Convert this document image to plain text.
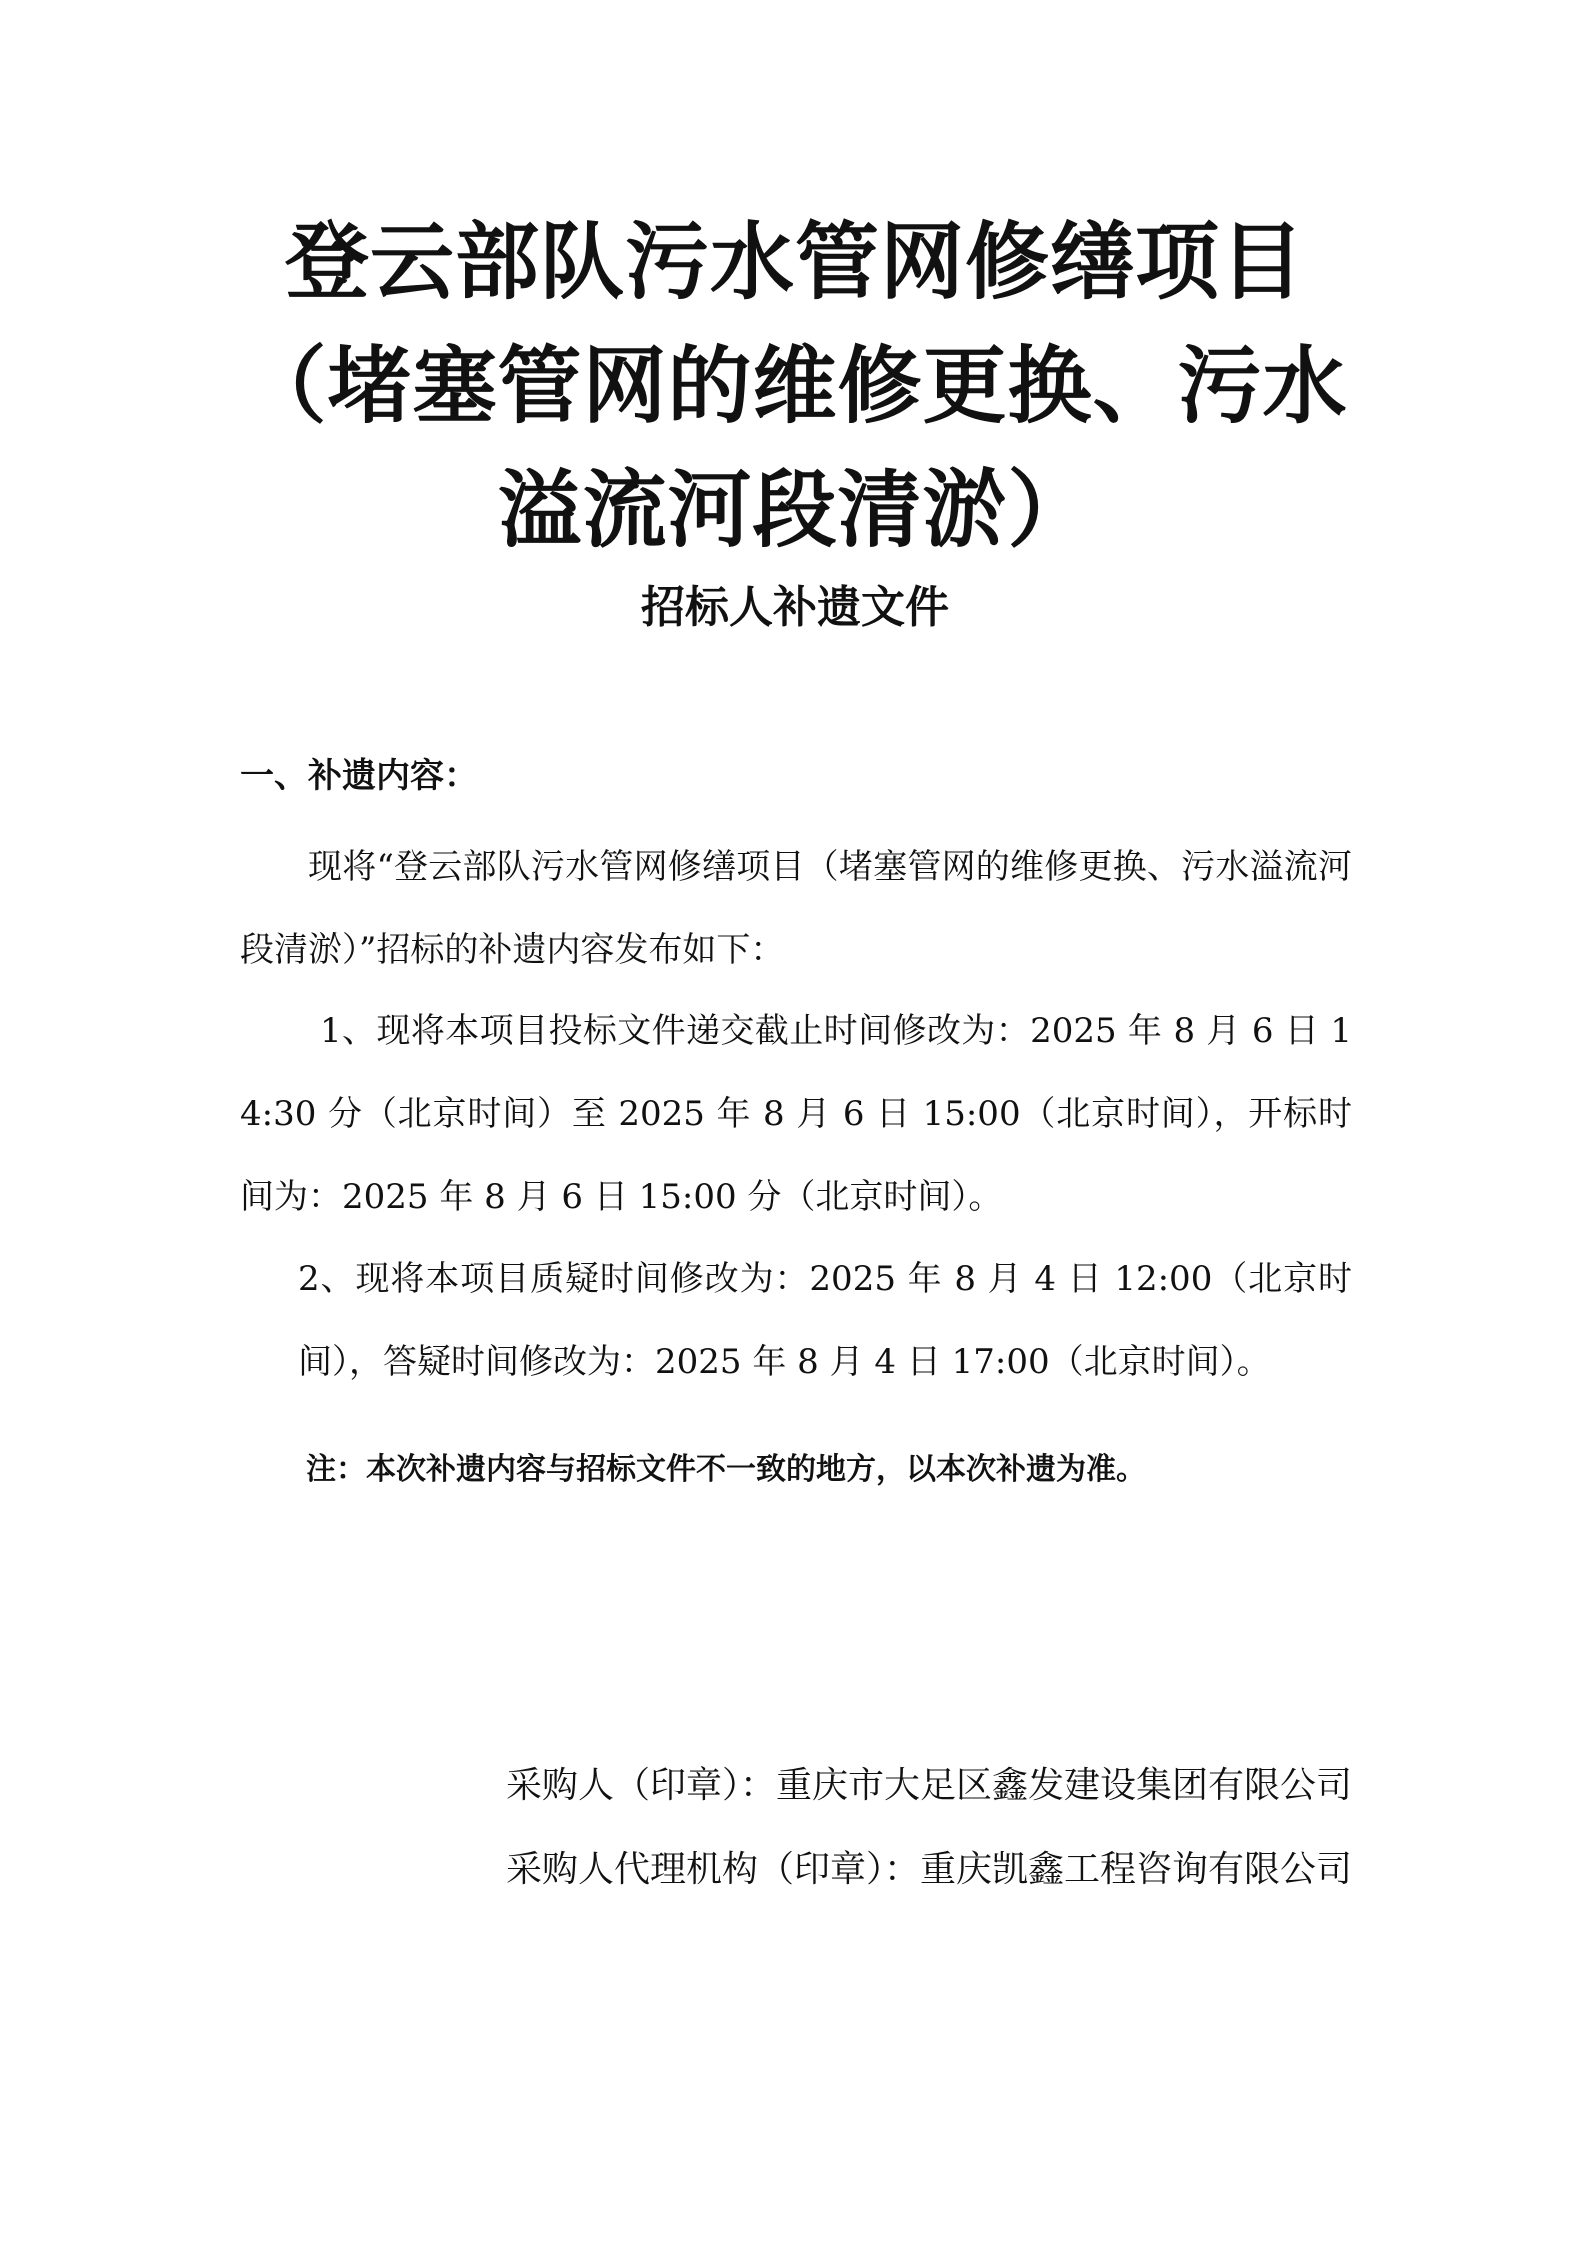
登云部队污水管网修缮项目（堵塞管网的维修更换、污水溢流河段清淤）
招标人补遗文件
一、补遗内容：
现将“登云部队污水管网修缮项目（堵塞管网的维修更换、污水溢流河段清淤）”招标的补遗内容发布如下：
1、现将本项目投标文件递交截止时间修改为：2025 年 8 月 6 日 14:30 分（北京时间）至 2025 年 8 月 6 日 15:00（北京时间），开标时间为：2025 年 8 月 6 日 15:00 分（北京时间）。
2、现将本项目质疑时间修改为：2025 年 8 月 4 日 12:00（北京时间），答疑时间修改为：2025 年 8 月 4 日 17:00（北京时间）。
注：本次补遗内容与招标文件不一致的地方，以本次补遗为准。
采购人（印章）：重庆市大足区鑫发建设集团有限公司
采购人代理机构（印章）：重庆凯鑫工程咨询有限公司
